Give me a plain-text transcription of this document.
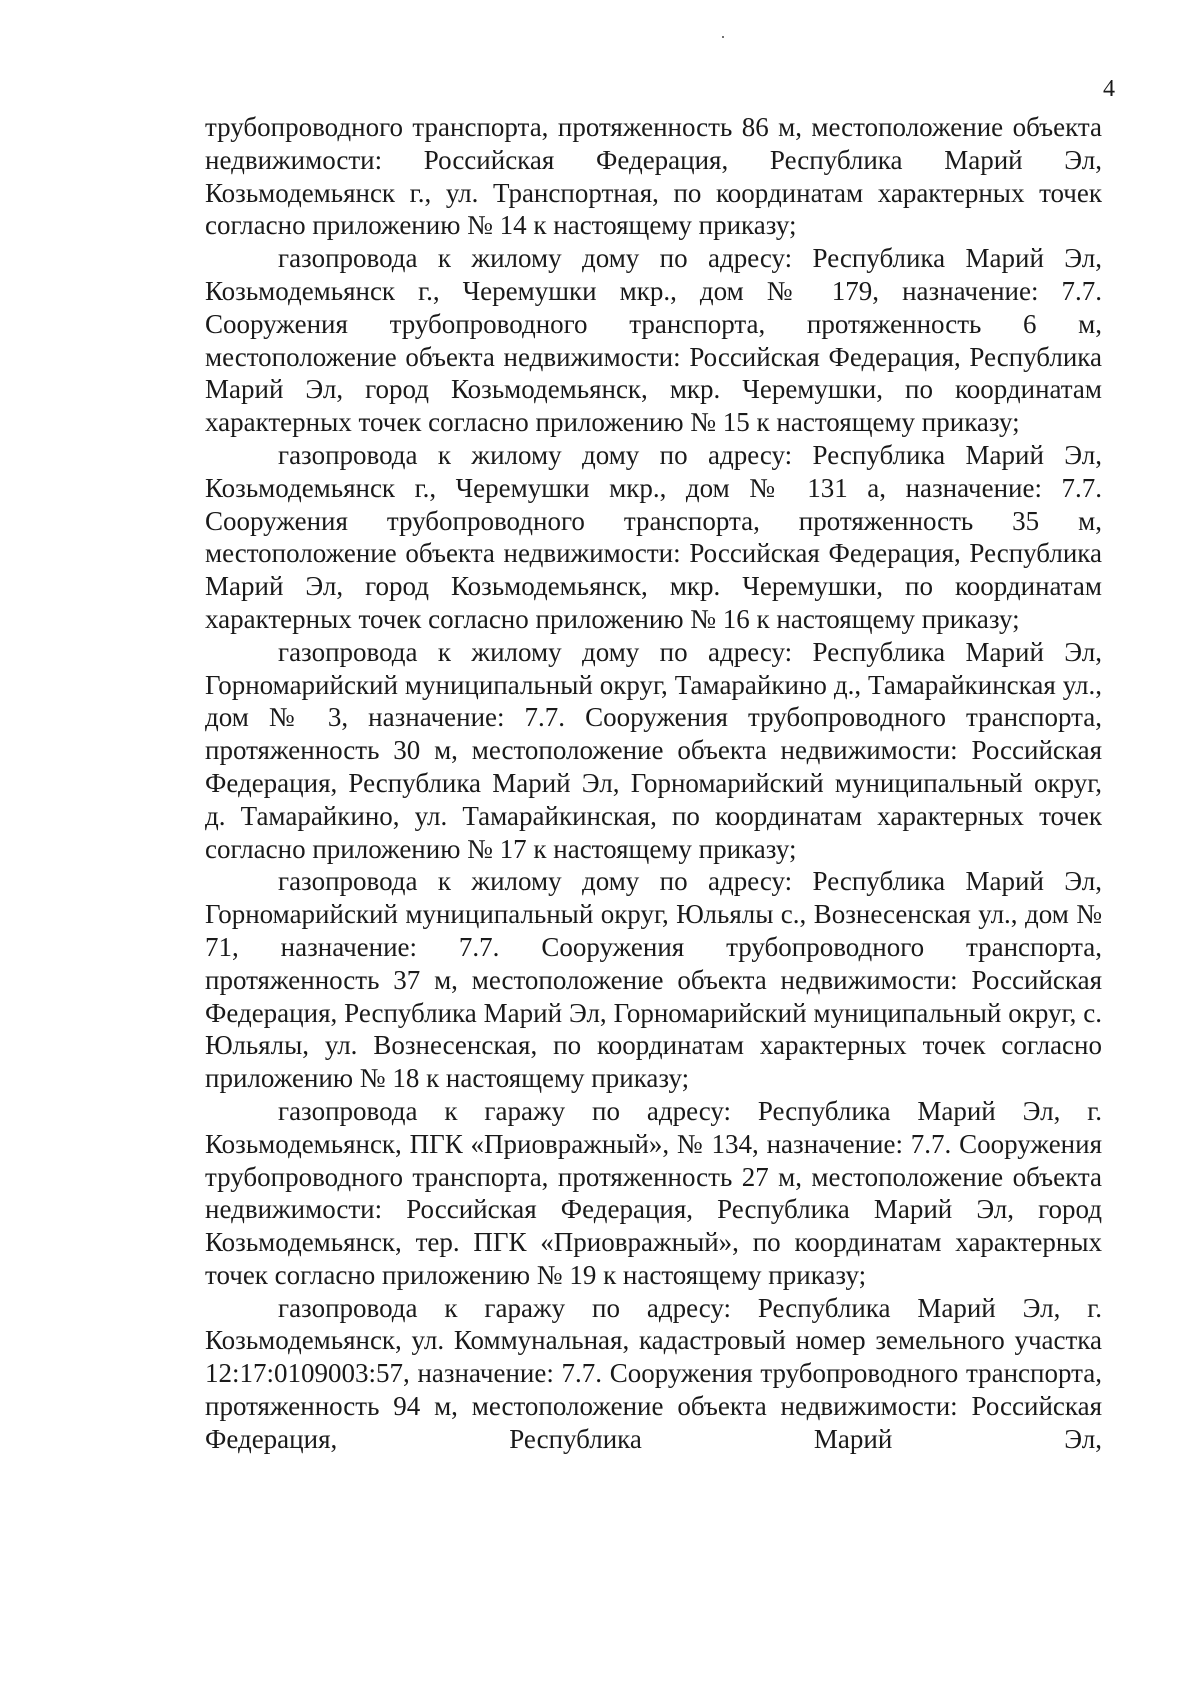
4

трубопроводного транспорта, протяженность 86 м, местоположение объекта недвижимости: Российская Федерация, Республика Марий Эл, Козьмодемьянск г., ул. Транспортная, по координатам характерных точек согласно приложению № 14 к настоящему приказу;

газопровода к жилому дому по адресу: Республика Марий Эл, Козьмодемьянск г., Черемушки мкр., дом № 179, назначение: 7.7. Сооружения трубопроводного транспорта, протяженность 6 м, местоположение объекта недвижимости: Российская Федерация, Республика Марий Эл, город Козьмодемьянск, мкр. Черемушки, по координатам характерных точек согласно приложению № 15 к настоящему приказу;

газопровода к жилому дому по адресу: Республика Марий Эл, Козьмодемьянск г., Черемушки мкр., дом № 131 а, назначение: 7.7. Сооружения трубопроводного транспорта, протяженность 35 м, местоположение объекта недвижимости: Российская Федерация, Республика Марий Эл, город Козьмодемьянск, мкр. Черемушки, по координатам характерных точек согласно приложению № 16 к настоящему приказу;

газопровода к жилому дому по адресу: Республика Марий Эл, Горномарийский муниципальный округ, Тамарайкино д., Тамарайкинская ул., дом № 3, назначение: 7.7. Сооружения трубопроводного транспорта, протяженность 30 м, местоположение объекта недвижимости: Российская Федерация, Республика Марий Эл, Горномарийский муниципальный округ, д. Тамарайкино, ул. Тамарайкинская, по координатам характерных точек согласно приложению № 17 к настоящему приказу;

газопровода к жилому дому по адресу: Республика Марий Эл, Горномарийский муниципальный округ, Юльялы с., Вознесенская ул., дом № 71, назначение: 7.7. Сооружения трубопроводного транспорта, протяженность 37 м, местоположение объекта недвижимости: Российская Федерация, Республика Марий Эл, Горномарийский муниципальный округ, с. Юльялы, ул. Вознесенская, по координатам характерных точек согласно приложению № 18 к настоящему приказу;

газопровода к гаражу по адресу: Республика Марий Эл, г. Козьмодемьянск, ПГК «Приовражный», № 134, назначение: 7.7. Сооружения трубопроводного транспорта, протяженность 27 м, местоположение объекта недвижимости: Российская Федерация, Республика Марий Эл, город Козьмодемьянск, тер. ПГК «Приовражный», по координатам характерных точек согласно приложению № 19 к настоящему приказу;

газопровода к гаражу по адресу: Республика Марий Эл, г. Козьмодемьянск, ул. Коммунальная, кадастровый номер земельного участка 12:17:0109003:57, назначение: 7.7. Сооружения трубопроводного транспорта, протяженность 94 м, местоположение объекта недвижимости: Российская Федерация, Республика Марий Эл,
